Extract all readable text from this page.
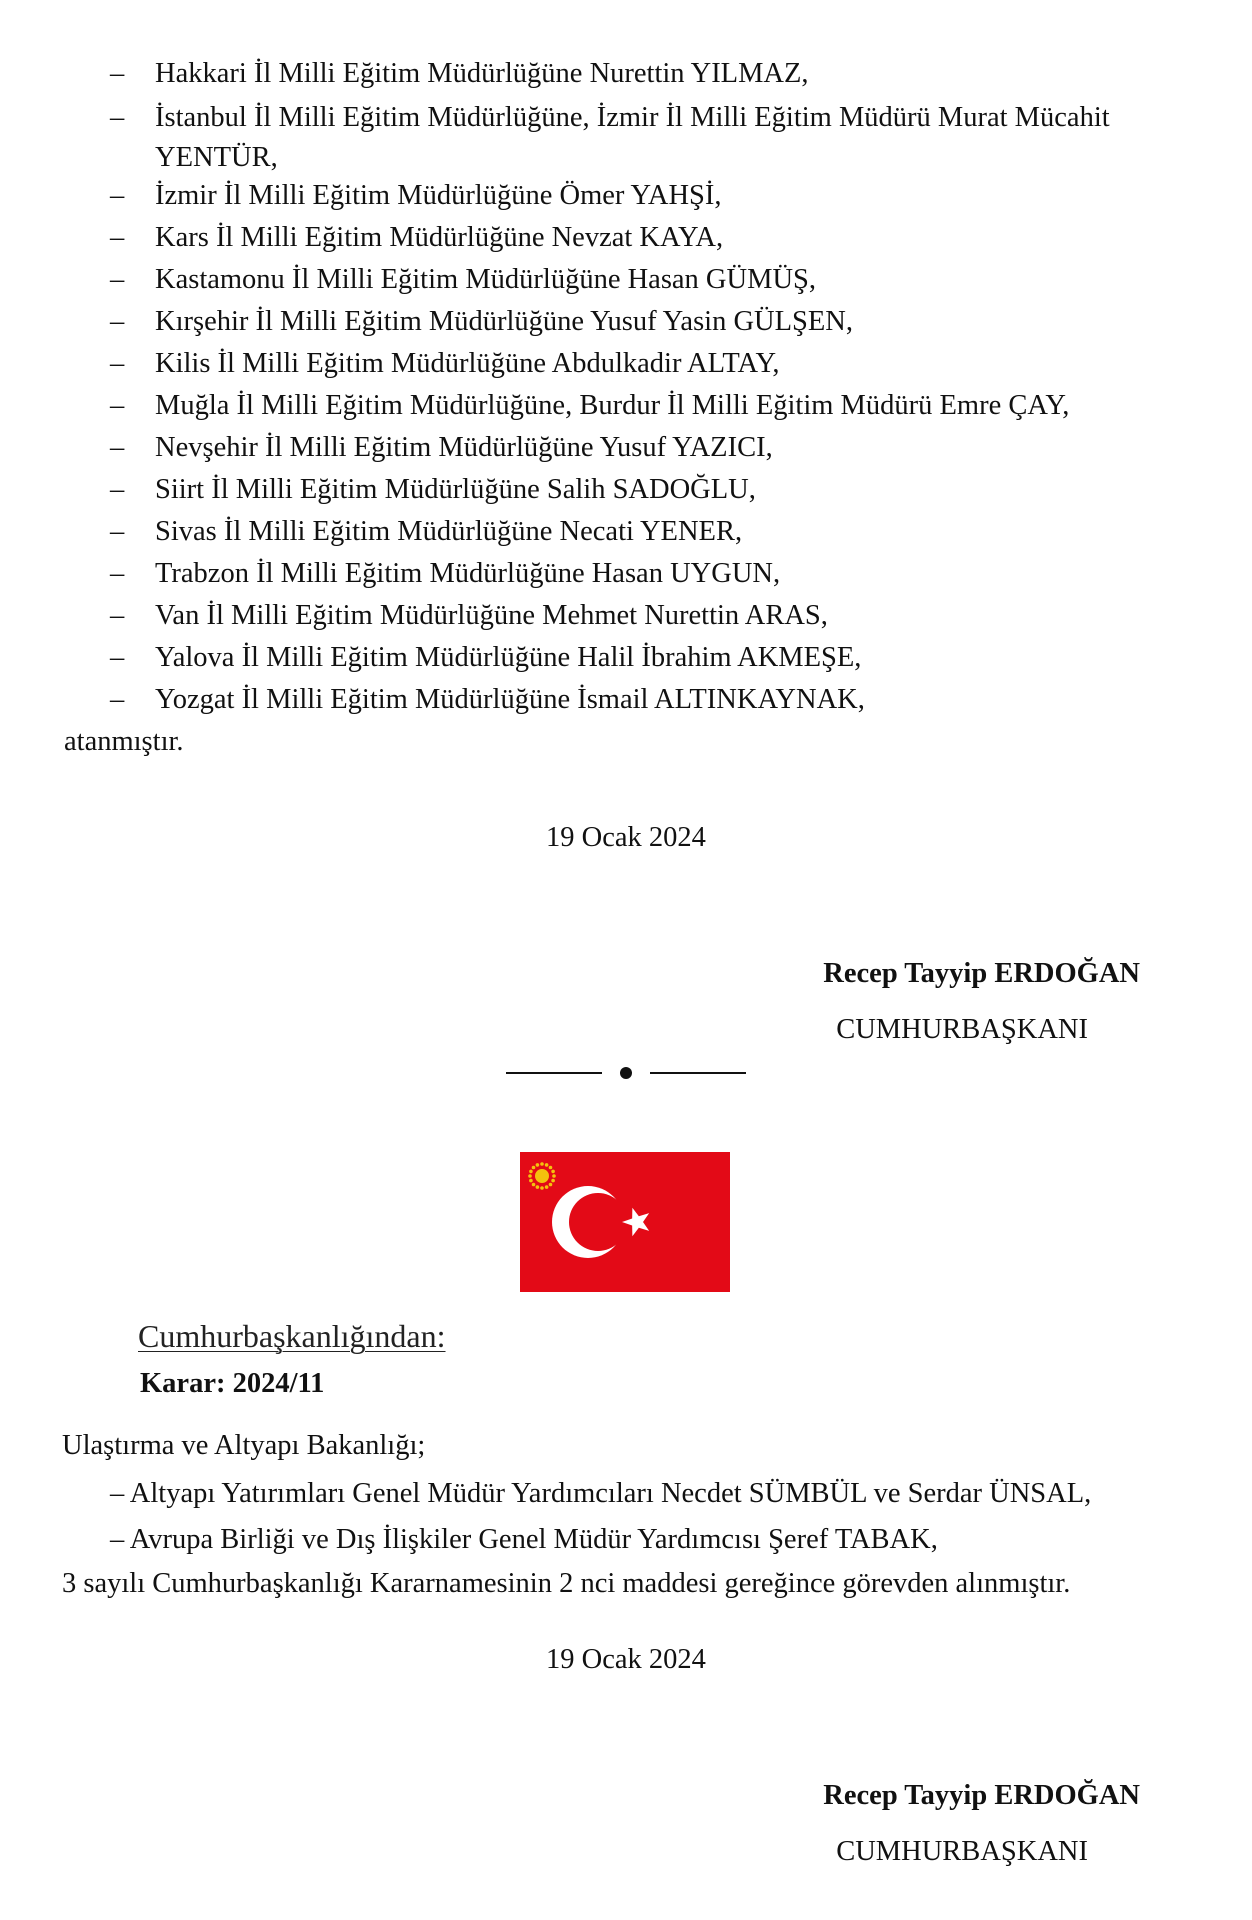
–	Hakkari İl Milli Eğitim Müdürlüğüne Nurettin YILMAZ,
–	İstanbul İl Milli Eğitim Müdürlüğüne, İzmir İl Milli Eğitim Müdürü Murat Mücahit
YENTÜR,
–	İzmir İl Milli Eğitim Müdürlüğüne Ömer YAHŞİ,
–	Kars İl Milli Eğitim Müdürlüğüne Nevzat KAYA,
–	Kastamonu İl Milli Eğitim Müdürlüğüne Hasan GÜMÜŞ,
–	Kırşehir İl Milli Eğitim Müdürlüğüne Yusuf Yasin GÜLŞEN,
–	Kilis İl Milli Eğitim Müdürlüğüne Abdulkadir ALTAY,
–	Muğla İl Milli Eğitim Müdürlüğüne, Burdur İl Milli Eğitim Müdürü Emre ÇAY,
–	Nevşehir İl Milli Eğitim Müdürlüğüne Yusuf YAZICI,
–	Siirt İl Milli Eğitim Müdürlüğüne Salih SADOĞLU,
–	Sivas İl Milli Eğitim Müdürlüğüne Necati YENER,
–	Trabzon İl Milli Eğitim Müdürlüğüne Hasan UYGUN,
–	Van İl Milli Eğitim Müdürlüğüne Mehmet Nurettin ARAS,
–	Yalova İl Milli Eğitim Müdürlüğüne Halil İbrahim AKMEŞE,
–	Yozgat İl Milli Eğitim Müdürlüğüne İsmail ALTINKAYNAK,
atanmıştır.
19 Ocak 2024
Recep Tayyip ERDOĞAN
CUMHURBAŞKANI
Cumhurbaşkanlığından:
Karar: 2024/11
Ulaştırma ve Altyapı Bakanlığı;
– Altyapı Yatırımları Genel Müdür Yardımcıları Necdet SÜMBÜL ve Serdar ÜNSAL,
– Avrupa Birliği ve Dış İlişkiler Genel Müdür Yardımcısı Şeref TABAK,
3 sayılı Cumhurbaşkanlığı Kararnamesinin 2 nci maddesi gereğince görevden alınmıştır.
19 Ocak 2024
Recep Tayyip ERDOĞAN
CUMHURBAŞKANI
